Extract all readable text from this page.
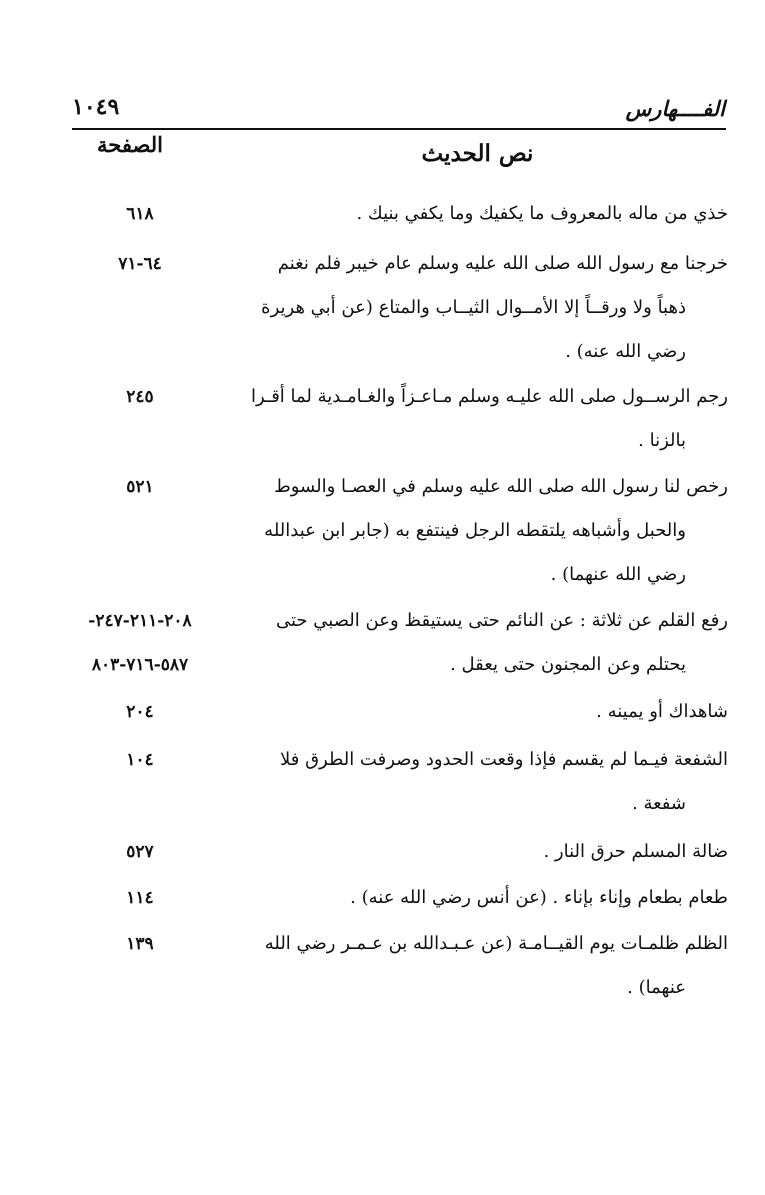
الفــــهارس
١٠٤٩
نص الحديث
الصفحة
خذي من ماله بالمعروف ما يكفيك وما يكفي بنيك .
٦١٨
خرجنا مع رسول الله صلى الله عليه وسلم عام خيبر فلم نغنم
ذهباً ولا ورقــاً إلا الأمــوال الثيــاب والمتاع (عن أبي هريرة
رضي الله عنه) .
٦٤-٧١
رجم الرســول صلى الله عليـه وسلم مـاعـزاً والغـامـدية لما أقـرا
بالزنا .
٢٤٥
رخص لنا رسول الله صلى الله عليه وسلم في العصـا والسوط
والحبل وأشباهه يلتقطه الرجل فينتفع به (جابر ابن عبدالله
رضي الله عنهما) .
٥٢١
رفع القلم عن ثلاثة : عن النائم حتى يستيقظ وعن الصبي حتى
يحتلم وعن المجنون حتى يعقل .
٢٠٨-٢١١-٢٤٧-
٥٨٧-٧١٦-٨٠٣
شاهداك أو يمينه .
٢٠٤
الشفعة فيـما لم يقسم فإذا وقعت الحدود وصرفت الطرق فلا
شفعة .
١٠٤
ضالة المسلم حرق النار .
٥٢٧
طعام بطعام وإناء بإناء . (عن أنس رضي الله عنه) .
١١٤
الظلم ظلمـات يوم القيــامـة (عن عـبـدالله بن عـمـر رضي الله
عنهما) .
١٣٩
